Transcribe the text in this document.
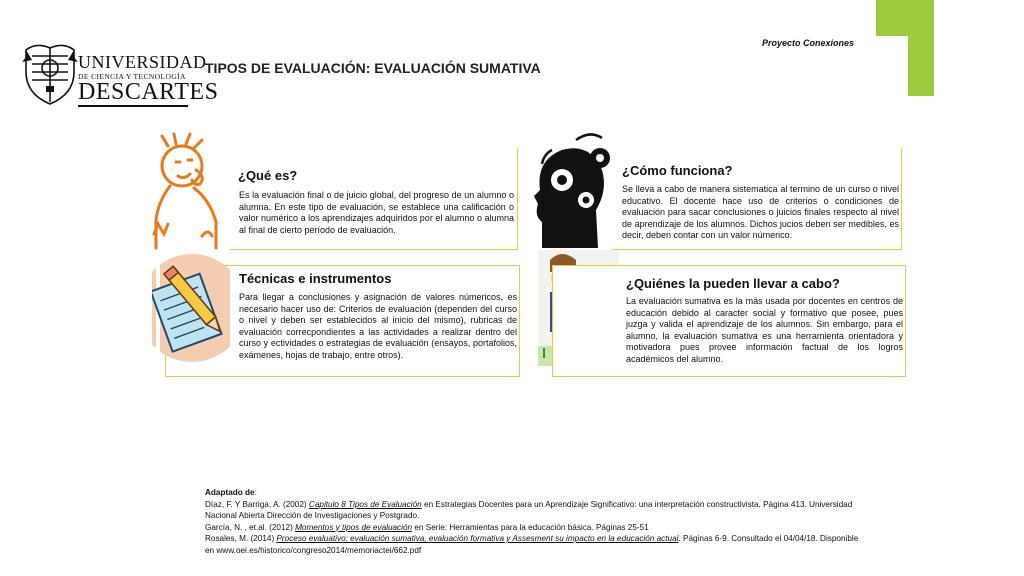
Proyecto Conexiones
UNIVERSIDAD
DE CIENCIA Y TECNOLOGÍA
DESCARTES
TIPOS DE EVALUACIÓN: EVALUACIÓN SUMATIVA
¿Qué es?
Es la evaluación final o de juicio global, del progreso de un alumno o alumna. En este tipo de evaluación, se establece una calificación o valor numérico a los aprendizajes adquiridos por el alumno o alumna al final de cierto período de evaluación.
¿Cómo funciona?
Se lleva a cabo de manera sistematica al termino de un curso o nivel educativo. El docente hace uso de criterios o condiciones de evaluación para sacar conclusiones o juicios finales respecto al nivel de aprendizaje de los alumnos. Dichos jucios deben ser medibles, es decir, deben contar con un valor númerico.
Técnicas e instrumentos
Para llegar a conclusiones y asignación de valores númericos, es necesario hacer uso de: Criterios de evaluación (dependen del curso o nivel y deben ser establecidos al inicio del mismo), rubricas de evaluación correcpondientes a las actividades a realizar dentro del curso y ectividades o estrategias de evaluación (ensayos, portafolios, exámenes, hojas de trabajo, entre otros).
¿Quiénes la pueden llevar a cabo?
La evaluación sumativa es la más usada por docentes en centros de educación debido al caracter social y formativo que posee, pues juzga y valida el aprendizaje de los alumnos. Sin embargo, para el alumno, la evaluación sumativa es una herramienta orientadora y motivadora pues provee información factual de los logros académicos del alumno.
Adaptado de:
Díaz, F. Y Barriga, A. (2002) Capitulo 8 Tipos de Evaluación en Estrategias Docentes para un Aprendizaje Significativo: una interpretación constructivista. Página 413. Universidad Nacional Abierta Dirección de Investigaciones y Postgrado.
García, N. , et.al. (2012) Momentos y tipos de evaluación en Serie: Herramientas para la educación básica. Páginas 25-51
Rosales, M. (2014) Proceso evaluativo: evaluación sumativa, evaluación formativa y Assesment su impacto en la educación actual. Páginas 6-9. Consultado el 04/04/18. Disponible en www.oei.es/historico/congreso2014/memoriactei/662.pdf
